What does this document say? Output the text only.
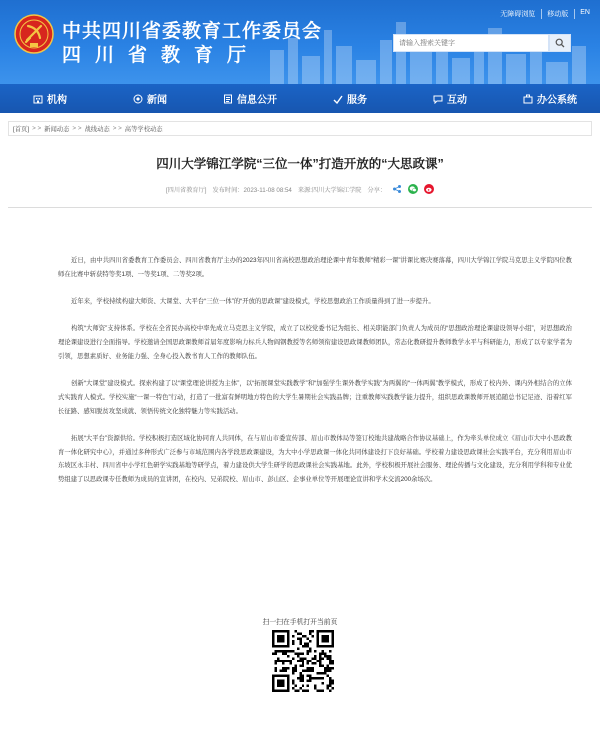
中共四川省委教育工作委员会
四川省教育厅
无障碍浏览	移动版	EN
请输入搜索关键字
机构	新闻	信息公开	服务	互动	办公系统
[首页] > > 新闻动态 > > 战线动态 > > 高等学校动态
四川大学锦江学院“三位一体”打造开放的“大思政课”
[四川省教育厅] 发布时间：2023-11-08 08:54 来源:四川大学锦江学院 分享：

近日，由中共四川省委教育工作委员会、四川省教育厅主办的2023年四川省高校思想政治理论课中青年教师“精彩一课”讲课比赛决赛落幕，四川大学锦江学院马克思主义学院四位教师在比赛中斩获特等奖1项、一等奖1项、二等奖2项。

近年来，学校持续构建大师资、大课堂、大平台“三位一体”的“开放的思政课”建设模式，学校思想政治工作质量得到了进一步提升。

构筑“大师资”支持体系。学校在全省民办高校中率先成立马克思主义学院，成立了以校党委书记为组长、相关职能部门负责人为成员的“思想政治理论课建设领导小组”，对思想政治理论课建设进行全面指导。学校邀请全国思政课教师首届年度影响力标兵人物阎钢教授等名师领衔建设思政课教师团队，常态化教研提升教师教学水平与科研能力，形成了以专家学者为引领，思想素质好、业务能力强、全身心投入教书育人工作的教师队伍。

创新“大课堂”建设模式。探索构建了以“课堂理论讲授为主体”，以“拓展课堂实践教学”和“加强学生课外教学实践”为两翼的“一体两翼”教学模式，形成了校内外、课内外相结合的立体式实践育人模式。学校实施“一课一特色”行动，打造了一批富有鲜明地方特色的大学生暑期社会实践品牌；注重教师实践教学能力提升，组织思政课教师开展追随总书记足迹、沿着红军长征路、感知脱贫攻坚成就、领悟传统文化独特魅力等实践活动。

拓展“大平台”资源供给。学校积极打造区域化协同育人共同体，在与眉山市委宣传部、眉山市教体局等签订校地共建战略合作协议基础上，作为牵头单位成立《眉山市大中小思政教育一体化研究中心》，并通过多种形式广泛参与市域范围内各学段思政课建设，为大中小学思政课一体化共同体建设打下良好基础。学校着力建设思政课社会实践平台，充分利用眉山市东坡区永丰村、四川省中小学红色研学实践基地等研学点，着力建设供大学生研学的思政课社会实践基地。此外，学校积极开展社会服务、理论传播与文化建设，充分利用学科和专业优势组建了以思政课专任教师为成员的宣讲团，在校内、兄弟院校、眉山市、彭山区、企事业单位等开展理论宣讲和学术交流200余场次。

扫一扫在手机打开当前页
